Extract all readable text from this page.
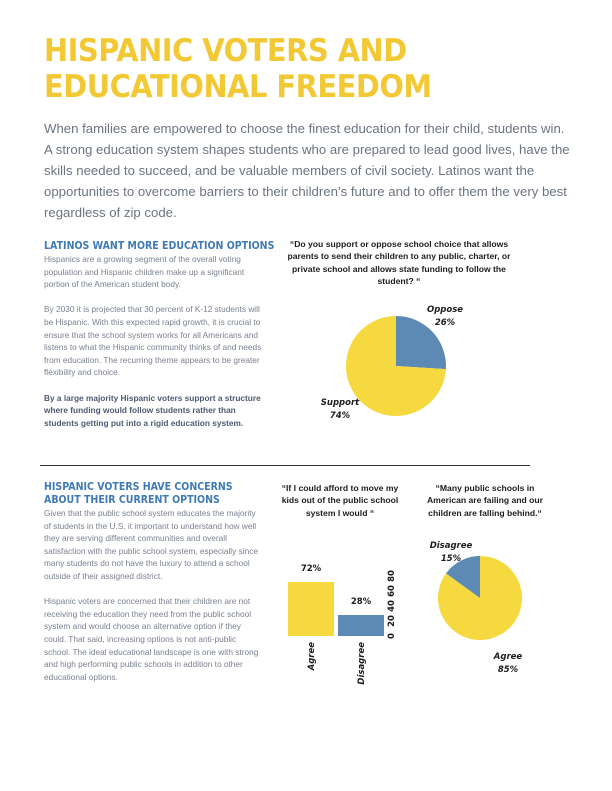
HISPANIC VOTERS AND
EDUCATIONAL FREEDOM
When families are empowered to choose the finest education for their child, students win. A strong education system shapes students who are prepared to lead good lives, have the skills needed to succeed, and be valuable members of civil society. Latinos want the opportunities to overcome barriers to their children’s future and to offer them the very best regardless of zip code.
LATINOS WANT MORE EDUCATION OPTIONS

Hispanics are a growing segment of the overall voting population and Hispanic children make up a significant portion of the American student body.

By 2030 it is projected that 30 percent of K-12 students will be Hispanic. With this expected rapid growth, it is crucial to ensure that the school system works for all Americans and listens to what the Hispanic community thinks of and needs from education. The recurring theme appears to be greater flexibility and choice.

By a large majority Hispanic voters support a structure where funding would follow students rather than students getting put into a rigid education system.

“Do you support or oppose school choice that allows parents to send their children to any public, charter, or private school and allows state funding to follow the student? “
Support
74%
Oppose
26%
HISPANIC VOTERS HAVE CONCERNS
ABOUT THEIR CURRENT OPTIONS

Given that the public school system educates the majority of students in the U.S. it important to understand how well they are serving different communities and overall satisfaction with the public school system, especially since many students do not have the luxury to attend a school outside of their assigned district.

Hispanic voters are concerned that their children are not receiving the education they need from the public school system and would choose an alternative option if they could. That said, increasing options is not anti-public school. The ideal educational landscape is one with strong and high performing public schools in addition to other educational options.

“If I could afford to move my kids out of the public school system I would “
72%
Agree
28%
Disagree
0
20
40
60
80
“Many public schools in American are failing and our children are falling behind.“
Agree
85%
Disagree
15%
